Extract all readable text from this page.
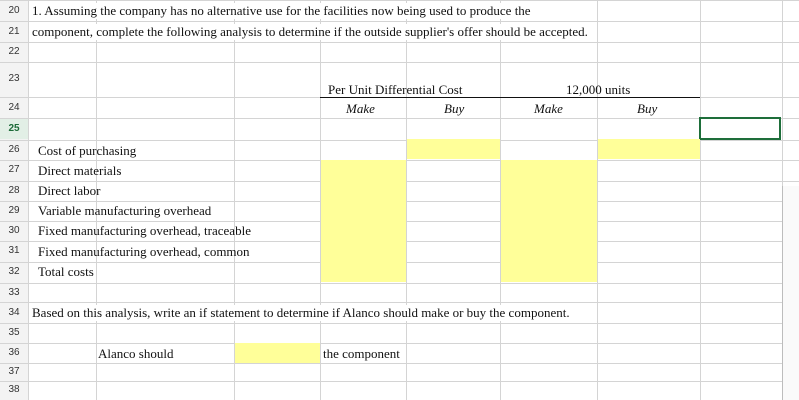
20
21
22
23
24
25
26
27
28
29
30
31
32
33
34
35
36
37
38
1. Assuming the company has no alternative use for the facilities now being used to produce the
component, complete the following analysis to determine if the outside supplier's offer should be accepted.
Per Unit Differential Cost	12,000 units
Make	Buy	Make	Buy
Cost of purchasing
Direct materials
Direct labor
Variable manufacturing overhead
Fixed manufacturing overhead, traceable
Fixed manufacturing overhead, common
Total costs
Based on this analysis, write an if statement to determine if Alanco should make or buy the component.
Alanco should	the component
